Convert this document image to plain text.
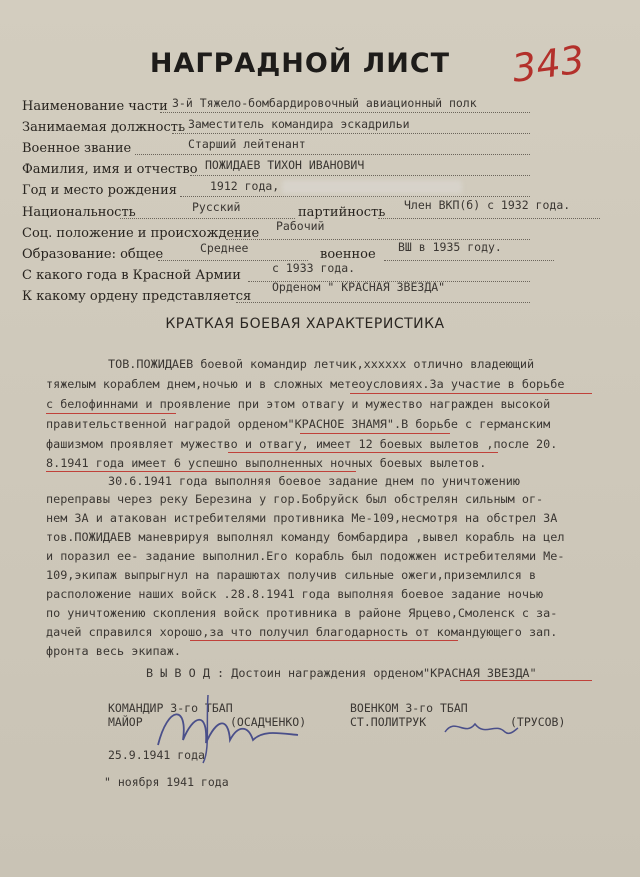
НАГРАДНОЙ ЛИСТ	343
Наименование части 3-й Тяжело-бомбардировочный авиационный полк
Занимаемая должность Заместитель командира эскадрильи
Военное звание	Старший лейтенант
Фамилия, имя и отчество ПОЖИДАЕВ ТИХОН ИВАНОВИЧ
Год и место рождения	1912 года,
Национальность	Русский	партийность Член ВКП(б) с 1932 года.
Соц. положение и происхождение Рабочий
Образование: общее	Среднее	военное ВШ в 1935 году.
С какого года в Красной Армии	с 1933 года.
К какому ордену представляется
Орденом " КРАСНАЯ ЗВЕЗДА"
КРАТКАЯ БОЕВАЯ ХАРАКТЕРИСТИКА
ТОВ.ПОЖИДАЕВ боевой командир летчик,хххххх отлично владеющий
тяжелым кораблем днем,ночью и в сложных метеоусловиях.За участие в борьбе
с белофиннами и проявление при этом отвагу и мужество награжден высокой
правительственной наградой орденом"КРАСНОЕ ЗНАМЯ".В борьбе с германским
фашизмом проявляет мужество и отвагу, имеет 12 боевых вылетов ,после 20.
8.1941 года имеет 6 успешно выполненных ночных боевых вылетов.
30.6.1941 года выполняя боевое задание днем по уничтожению
переправы через реку Березина у гор.Бобруйск был обстрелян сильным ог-
нем ЗА и атакован истребителями противника Ме-109,несмотря на обстрел ЗА
тов.ПОЖИДАЕВ маневрируя выполнял команду бомбардира ,вывел корабль на цел
и поразил ее- задание выполнил.Его корабль был подожжен истребителями Ме-
109,экипаж выпрыгнул на парашютах получив сильные ожеги,приземлился в
расположение наших войск .28.8.1941 года выполняя боевое задание ночью
по уничтожению скопления войск противника в районе Ярцево,Смоленск с за-
дачей справился хорошо,за что получил благодарность от командующего зап.
фронта весь экипаж.
В Ы В О Д : Достоин награждения орденом"КРАСНАЯ ЗВЕЗДА"
КОМАНДИР 3-го ТБАП
МАЙОР	(ОСАДЧЕНКО)
ВОЕНКОМ 3-го ТБАП
СТ.ПОЛИТРУК	(ТРУСОВ)
25.9.1941 года
" ноября 1941 года
